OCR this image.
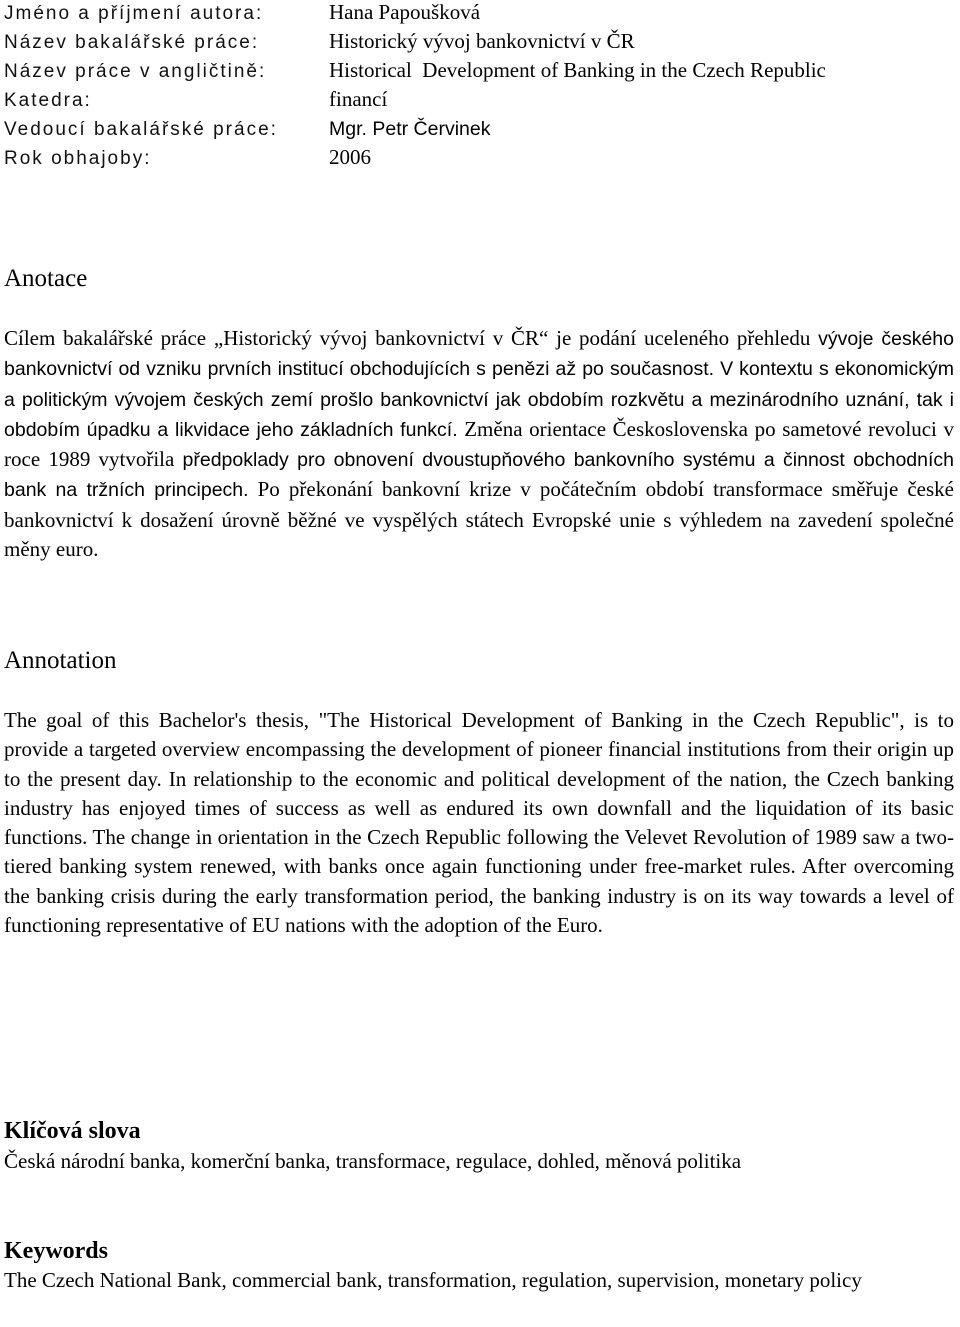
Jméno a příjmení autora:	Hana Papoušková
Název bakalářské práce:	Historický vývoj bankovnictví v ČR
Název práce v angličtině:	Historical  Development of Banking in the Czech Republic
Katedra:	financí
Vedoucí bakalářské práce:	Mgr. Petr Červinek
Rok obhajoby:	2006
Anotace

Cílem bakalářské práce „Historický vývoj bankovnictví v ČR“ je podání uceleného přehledu vývoje českého bankovnictví od vzniku prvních institucí obchodujících s penězi až po současnost. V kontextu s ekonomickým a politickým vývojem českých zemí prošlo bankovnictví jak obdobím rozkvětu a mezinárodního uznání, tak i obdobím úpadku a likvidace jeho základních funkcí. Změna orientace Československa po sametové revoluci v roce 1989 vytvořila předpoklady pro obnovení dvoustupňového bankovního systému a činnost obchodních bank na tržních principech. Po překonání bankovní krize v počátečním období transformace směřuje české bankovnictví k dosažení úrovně běžné ve vyspělých státech Evropské unie s výhledem na zavedení společné měny euro.

Annotation

The goal of this Bachelor's thesis, "The Historical Development of Banking in the Czech Republic", is to provide a targeted overview encompassing the development of pioneer financial institutions from their origin up to the present day. In relationship to the economic and political development of the nation, the Czech banking industry has enjoyed times of success as well as endured its own downfall and the liquidation of its basic functions. The change in orientation in the Czech Republic following the Velevet Revolution of 1989 saw a two-tiered banking system renewed, with banks once again functioning under free-market rules. After overcoming the banking crisis during the early transformation period, the banking industry is on its way towards a level of functioning representative of EU nations with the adoption of the Euro.

Klíčová slova

Česká národní banka, komerční banka, transformace, regulace, dohled, měnová politika

Keywords

The Czech National Bank, commercial bank, transformation, regulation, supervision, monetary policy
